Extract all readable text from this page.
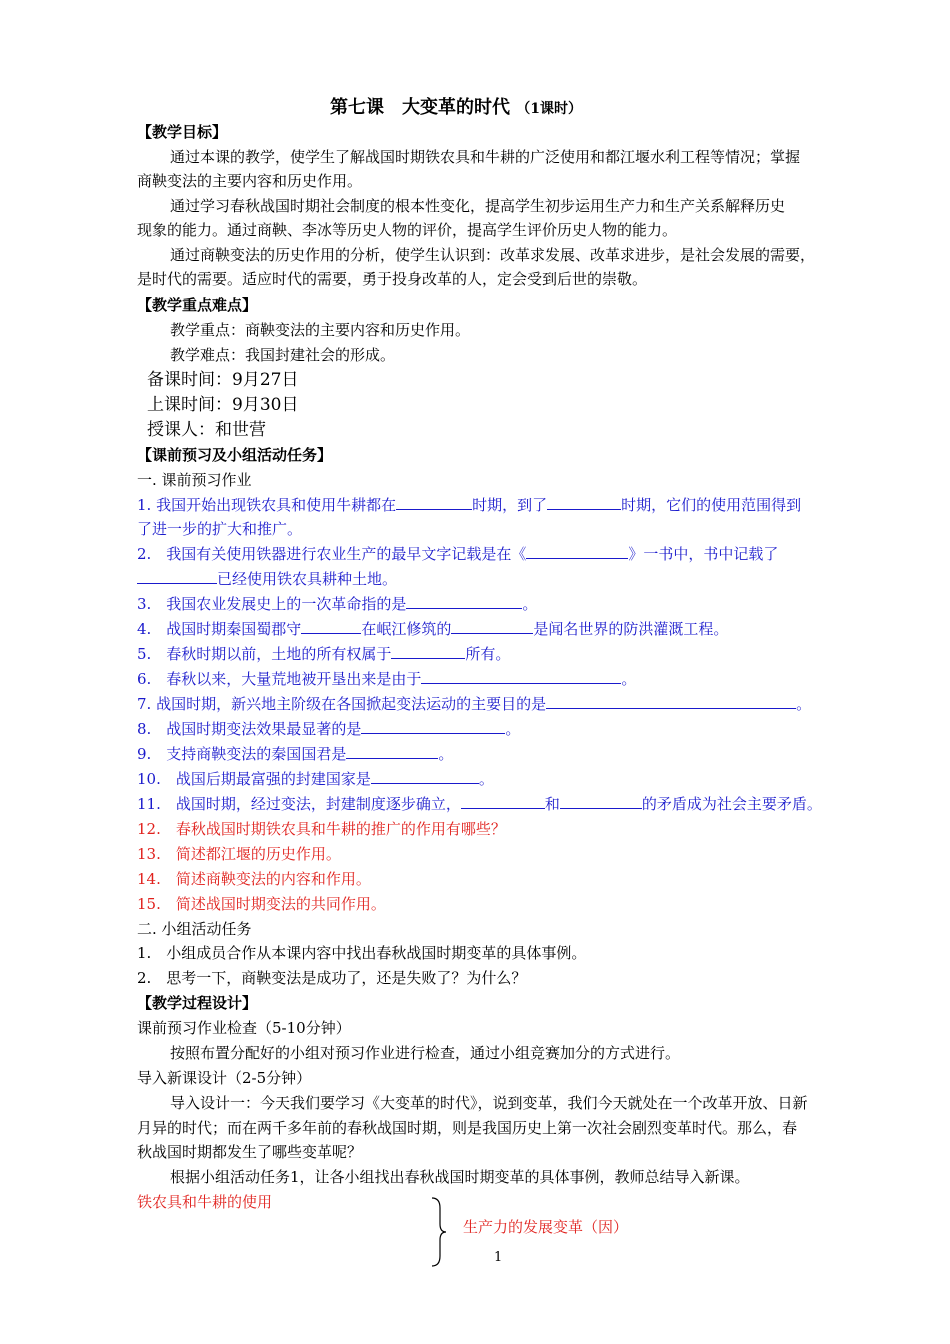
第七课　大变革的时代 （1课时）
【教学目标】
通过本课的教学，使学生了解战国时期铁农具和牛耕的广泛使用和都江堰水利工程等情况；掌握
商鞅变法的主要内容和历史作用。
通过学习春秋战国时期社会制度的根本性变化，提高学生初步运用生产力和生产关系解释历史
现象的能力。通过商鞅、李冰等历史人物的评价，提高学生评价历史人物的能力。
通过商鞅变法的历史作用的分析，使学生认识到：改革求发展、改革求进步，是社会发展的需要，
是时代的需要。适应时代的需要，勇于投身改革的人，定会受到后世的崇敬。
【教学重点难点】
教学重点：商鞅变法的主要内容和历史作用。
教学难点：我国封建社会的形成。
备课时间：9月27日
上课时间：9月30日
授课人：和世营
【课前预习及小组活动任务】
一. 课前预习作业
1. 我国开始出现铁农具和使用牛耕都在	时期，到了	时期，它们的使用范围得到
了进一步的扩大和推广。
2.　我国有关使用铁器进行农业生产的最早文字记载是在《	》一书中，书中记载了
已经使用铁农具耕种土地。
3.　我国农业发展史上的一次革命指的是	。
4.　战国时期秦国蜀郡守	在岷江修筑的	是闻名世界的防洪灌溉工程。
5.　春秋时期以前，土地的所有权属于	所有。
6.　春秋以来，大量荒地被开垦出来是由于	。
7. 战国时期，新兴地主阶级在各国掀起变法运动的主要目的是	。
8.　战国时期变法效果最显著的是	。
9.　支持商鞅变法的秦国国君是	。
10.　战国后期最富强的封建国家是	。
11.　战国时期，经过变法，封建制度逐步确立，	和	的矛盾成为社会主要矛盾。
12.　春秋战国时期铁农具和牛耕的推广的作用有哪些？
13.　简述都江堰的历史作用。
14.　简述商鞅变法的内容和作用。
15.　简述战国时期变法的共同作用。
二. 小组活动任务
1.　小组成员合作从本课内容中找出春秋战国时期变革的具体事例。
2.　思考一下，商鞅变法是成功了，还是失败了？为什么？
【教学过程设计】
课前预习作业检查（5-10分钟）
按照布置分配好的小组对预习作业进行检查，通过小组竞赛加分的方式进行。
导入新课设计（2-5分钟）
导入设计一：今天我们要学习《大变革的时代》，说到变革，我们今天就处在一个改革开放、日新
月异的时代；而在两千多年前的春秋战国时期，则是我国历史上第一次社会剧烈变革时代。那么，春
秋战国时期都发生了哪些变革呢？
根据小组活动任务1，让各小组找出春秋战国时期变革的具体事例，教师总结导入新课。
铁农具和牛耕的使用
生产力的发展变革（因）
1
